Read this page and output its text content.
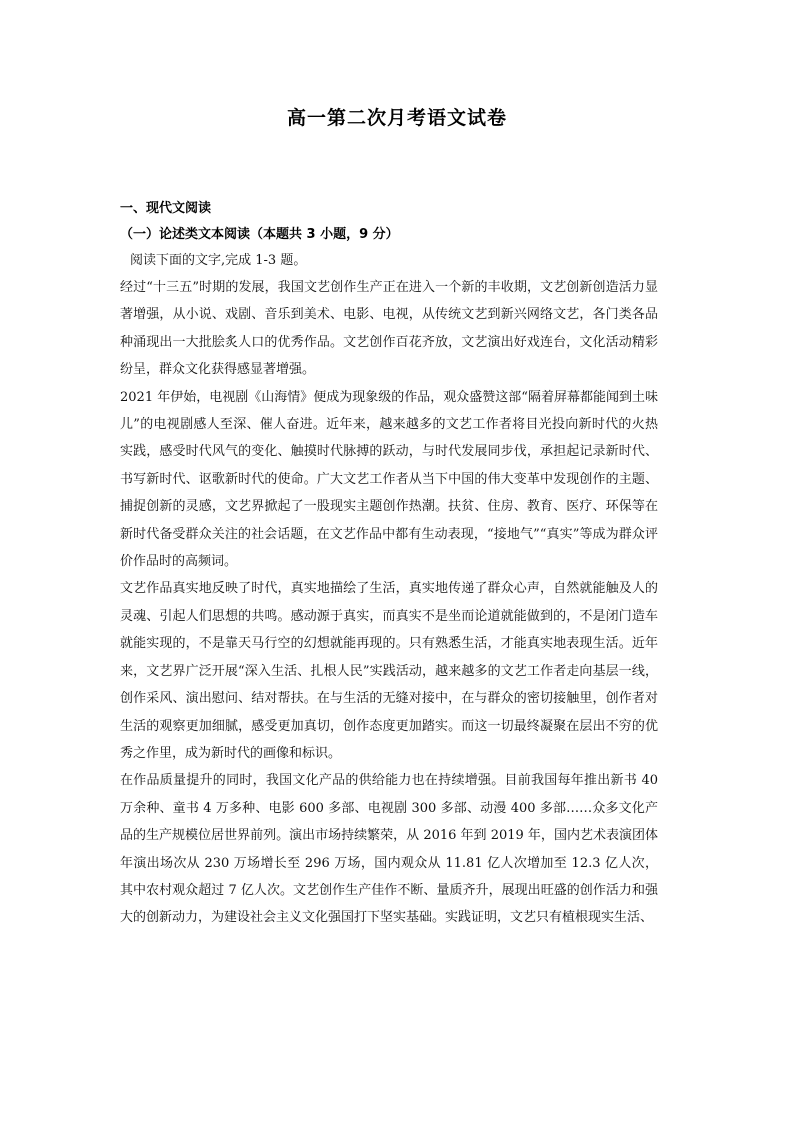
高一第二次月考语文试卷
一、现代文阅读
（一）论述类文本阅读（本题共 3 小题，9 分）
阅读下面的文字,完成 1-3 题。

经过“十三五”时期的发展，我国文艺创作生产正在进入一个新的丰收期，文艺创新创造活力显著增强，从小说、戏剧、音乐到美术、电影、电视，从传统文艺到新兴网络文艺，各门类各品种涌现出一大批脍炙人口的优秀作品。文艺创作百花齐放，文艺演出好戏连台，文化活动精彩纷呈，群众文化获得感显著增强。

2021 年伊始，电视剧《山海情》便成为现象级的作品，观众盛赞这部“隔着屏幕都能闻到土味儿”的电视剧感人至深、催人奋进。近年来，越来越多的文艺工作者将目光投向新时代的火热实践，感受时代风气的变化、触摸时代脉搏的跃动，与时代发展同步伐，承担起记录新时代、书写新时代、讴歌新时代的使命。广大文艺工作者从当下中国的伟大变革中发现创作的主题、捕捉创新的灵感，文艺界掀起了一股现实主题创作热潮。扶贫、住房、教育、医疗、环保等在新时代备受群众关注的社会话题，在文艺作品中都有生动表现，“接地气”“真实”等成为群众评价作品时的高频词。

文艺作品真实地反映了时代，真实地描绘了生活，真实地传递了群众心声，自然就能触及人的灵魂、引起人们思想的共鸣。感动源于真实，而真实不是坐而论道就能做到的，不是闭门造车就能实现的，不是靠天马行空的幻想就能再现的。只有熟悉生活，才能真实地表现生活。近年来，文艺界广泛开展“深入生活、扎根人民”实践活动，越来越多的文艺工作者走向基层一线，创作采风、演出慰问、结对帮扶。在与生活的无缝对接中，在与群众的密切接触里，创作者对生活的观察更加细腻，感受更加真切，创作态度更加踏实。而这一切最终凝聚在层出不穷的优秀之作里，成为新时代的画像和标识。

在作品质量提升的同时，我国文化产品的供给能力也在持续增强。目前我国每年推出新书 40 万余种、童书 4 万多种、电影 600 多部、电视剧 300 多部、动漫 400 多部……众多文化产品的生产规模位居世界前列。演出市场持续繁荣，从 2016 年到 2019 年，国内艺术表演团体年演出场次从 230 万场增长至 296 万场，国内观众从 11.81 亿人次增加至 12.3 亿人次，其中农村观众超过 7 亿人次。文艺创作生产佳作不断、量质齐升，展现出旺盛的创作活力和强大的创新动力，为建设社会主义文化强国打下坚实基础。实践证明，文艺只有植根现实生活、
